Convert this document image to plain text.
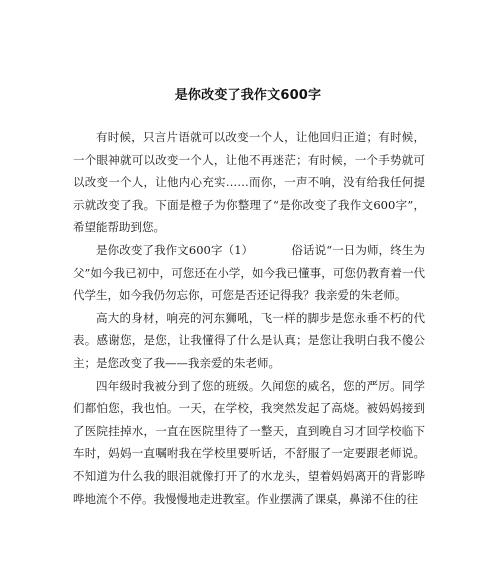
是你改变了我作文600字

有时候，只言片语就可以改变一个人，让他回归正道；有时候，一个眼神就可以改变一个人，让他不再迷茫；有时候，一个手势就可以改变一个人，让他内心充实……而你，一声不响，没有给我任何提示就改变了我。下面是橙子为你整理了“是你改变了我作文600字”，希望能帮助到您。

是你改变了我作文600字（1）	俗话说“一日为师，终生为父”如今我已初中，可您还在小学，如今我已懂事，可您仍教育着一代代学生，如今我仍勿忘你，可您是否还记得我？我亲爱的朱老师。

高大的身材，响亮的河东狮吼，飞一样的脚步是您永垂不朽的代表。感谢您，是您，让我懂得了什么是认真；是您让我明白我不傻公主；是您改变了我——我亲爱的朱老师。

四年级时我被分到了您的班级。久闻您的威名，您的严厉。同学们都怕您，我也怕。一天，在学校，我突然发起了高烧。被妈妈接到了医院挂掉水，一直在医院里待了一整天，直到晚自习才回学校临下车时，妈妈一直嘱咐我在学校里要听话，不舒服了一定要跟老师说。不知道为什么我的眼泪就像打开了的水龙头，望着妈妈离开的背影哗哗地流个不停。我慢慢地走进教室。作业摆满了课桌，鼻涕不住的往
